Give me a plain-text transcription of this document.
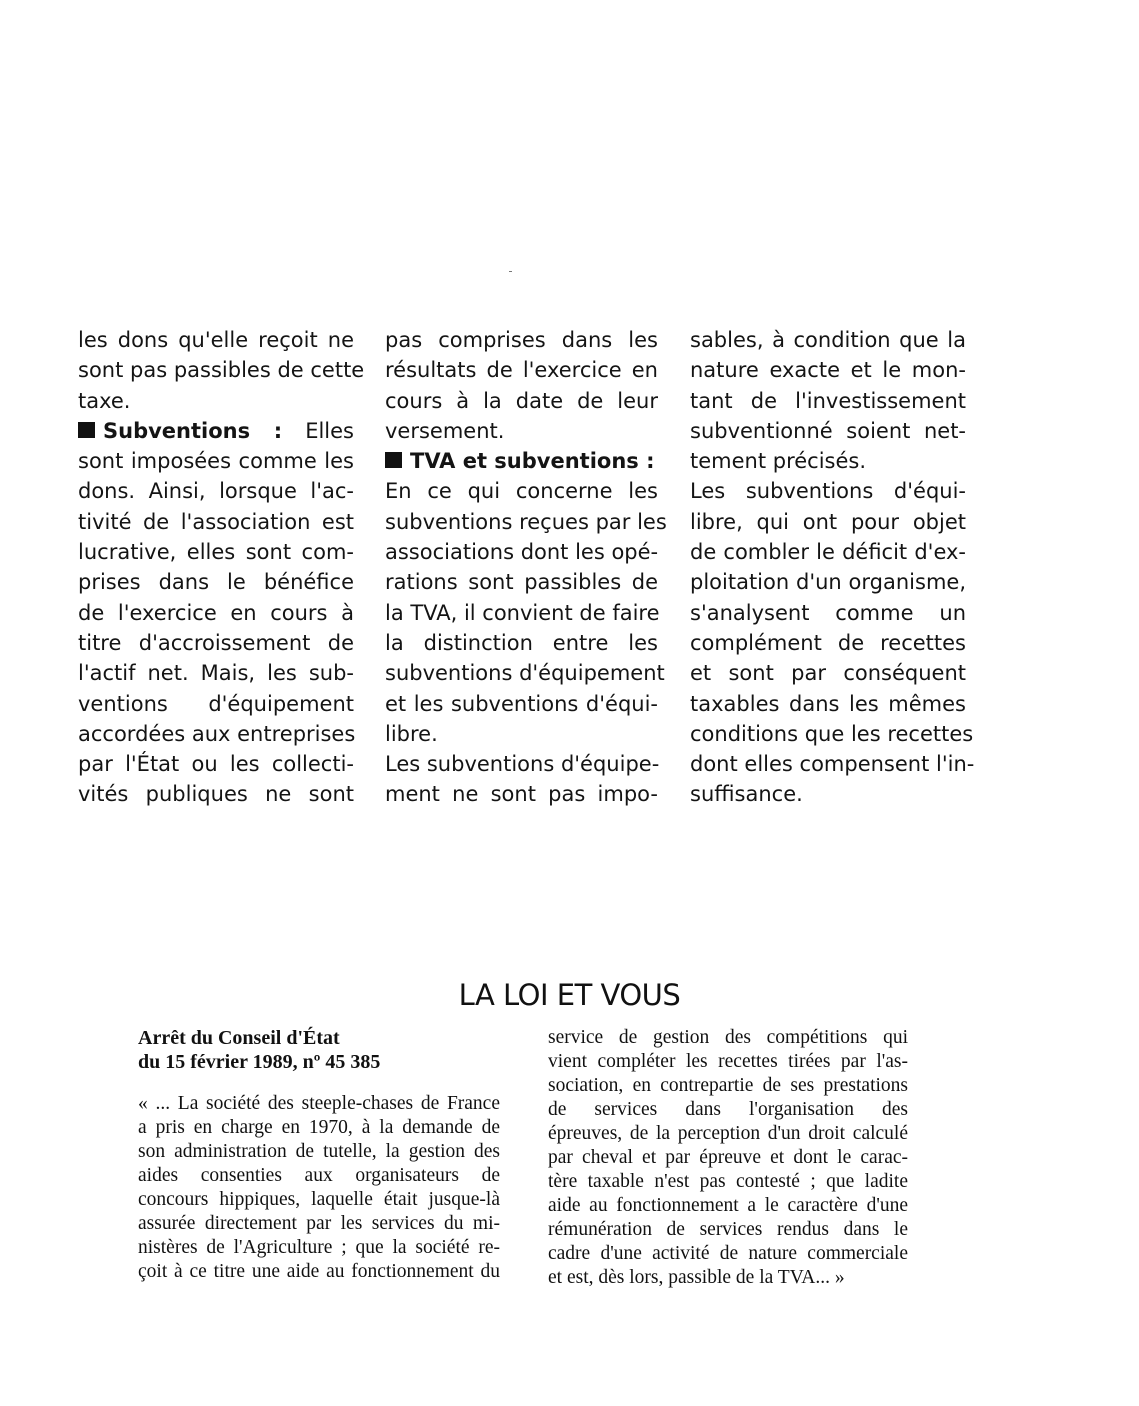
les dons qu'elle reçoit ne
sont pas passibles de cette
taxe.
Subventions : Elles
sont imposées comme les
dons. Ainsi, lorsque l'ac-
tivité de l'association est
lucrative, elles sont com-
prises dans le bénéfice
de l'exercice en cours à
titre d'accroissement de
l'actif net. Mais, les sub-
ventions d'équipement
accordées aux entreprises
par l'État ou les collecti-
vités publiques ne sont
pas comprises dans les
résultats de l'exercice en
cours à la date de leur
versement.
TVA et subventions :
En ce qui concerne les
subventions reçues par les
associations dont les opé-
rations sont passibles de
la TVA, il convient de faire
la distinction entre les
subventions d'équipement
et les subventions d'équi-
libre.
Les subventions d'équipe-
ment ne sont pas impo-
sables, à condition que la
nature exacte et le mon-
tant de l'investissement
subventionné soient net-
tement précisés.
Les subventions d'équi-
libre, qui ont pour objet
de combler le déficit d'ex-
ploitation d'un organisme,
s'analysent comme un
complément de recettes
et sont par conséquent
taxables dans les mêmes
conditions que les recettes
dont elles compensent l'in-
suffisance.
LA LOI ET VOUS
Arrêt du Conseil d'État
du 15 février 1989, nº 45 385
« ... La société des steeple-chases de France
a pris en charge en 1970, à la demande de
son administration de tutelle, la gestion des
aides consenties aux organisateurs de
concours hippiques, laquelle était jusque-là
assurée directement par les services du mi-
nistères de l'Agriculture ; que la société re-
çoit à ce titre une aide au fonctionnement du
service de gestion des compétitions qui
vient compléter les recettes tirées par l'as-
sociation, en contrepartie de ses prestations
de services dans l'organisation des
épreuves, de la perception d'un droit calculé
par cheval et par épreuve et dont le carac-
tère taxable n'est pas contesté ; que ladite
aide au fonctionnement a le caractère d'une
rémunération de services rendus dans le
cadre d'une activité de nature commerciale
et est, dès lors, passible de la TVA... »
